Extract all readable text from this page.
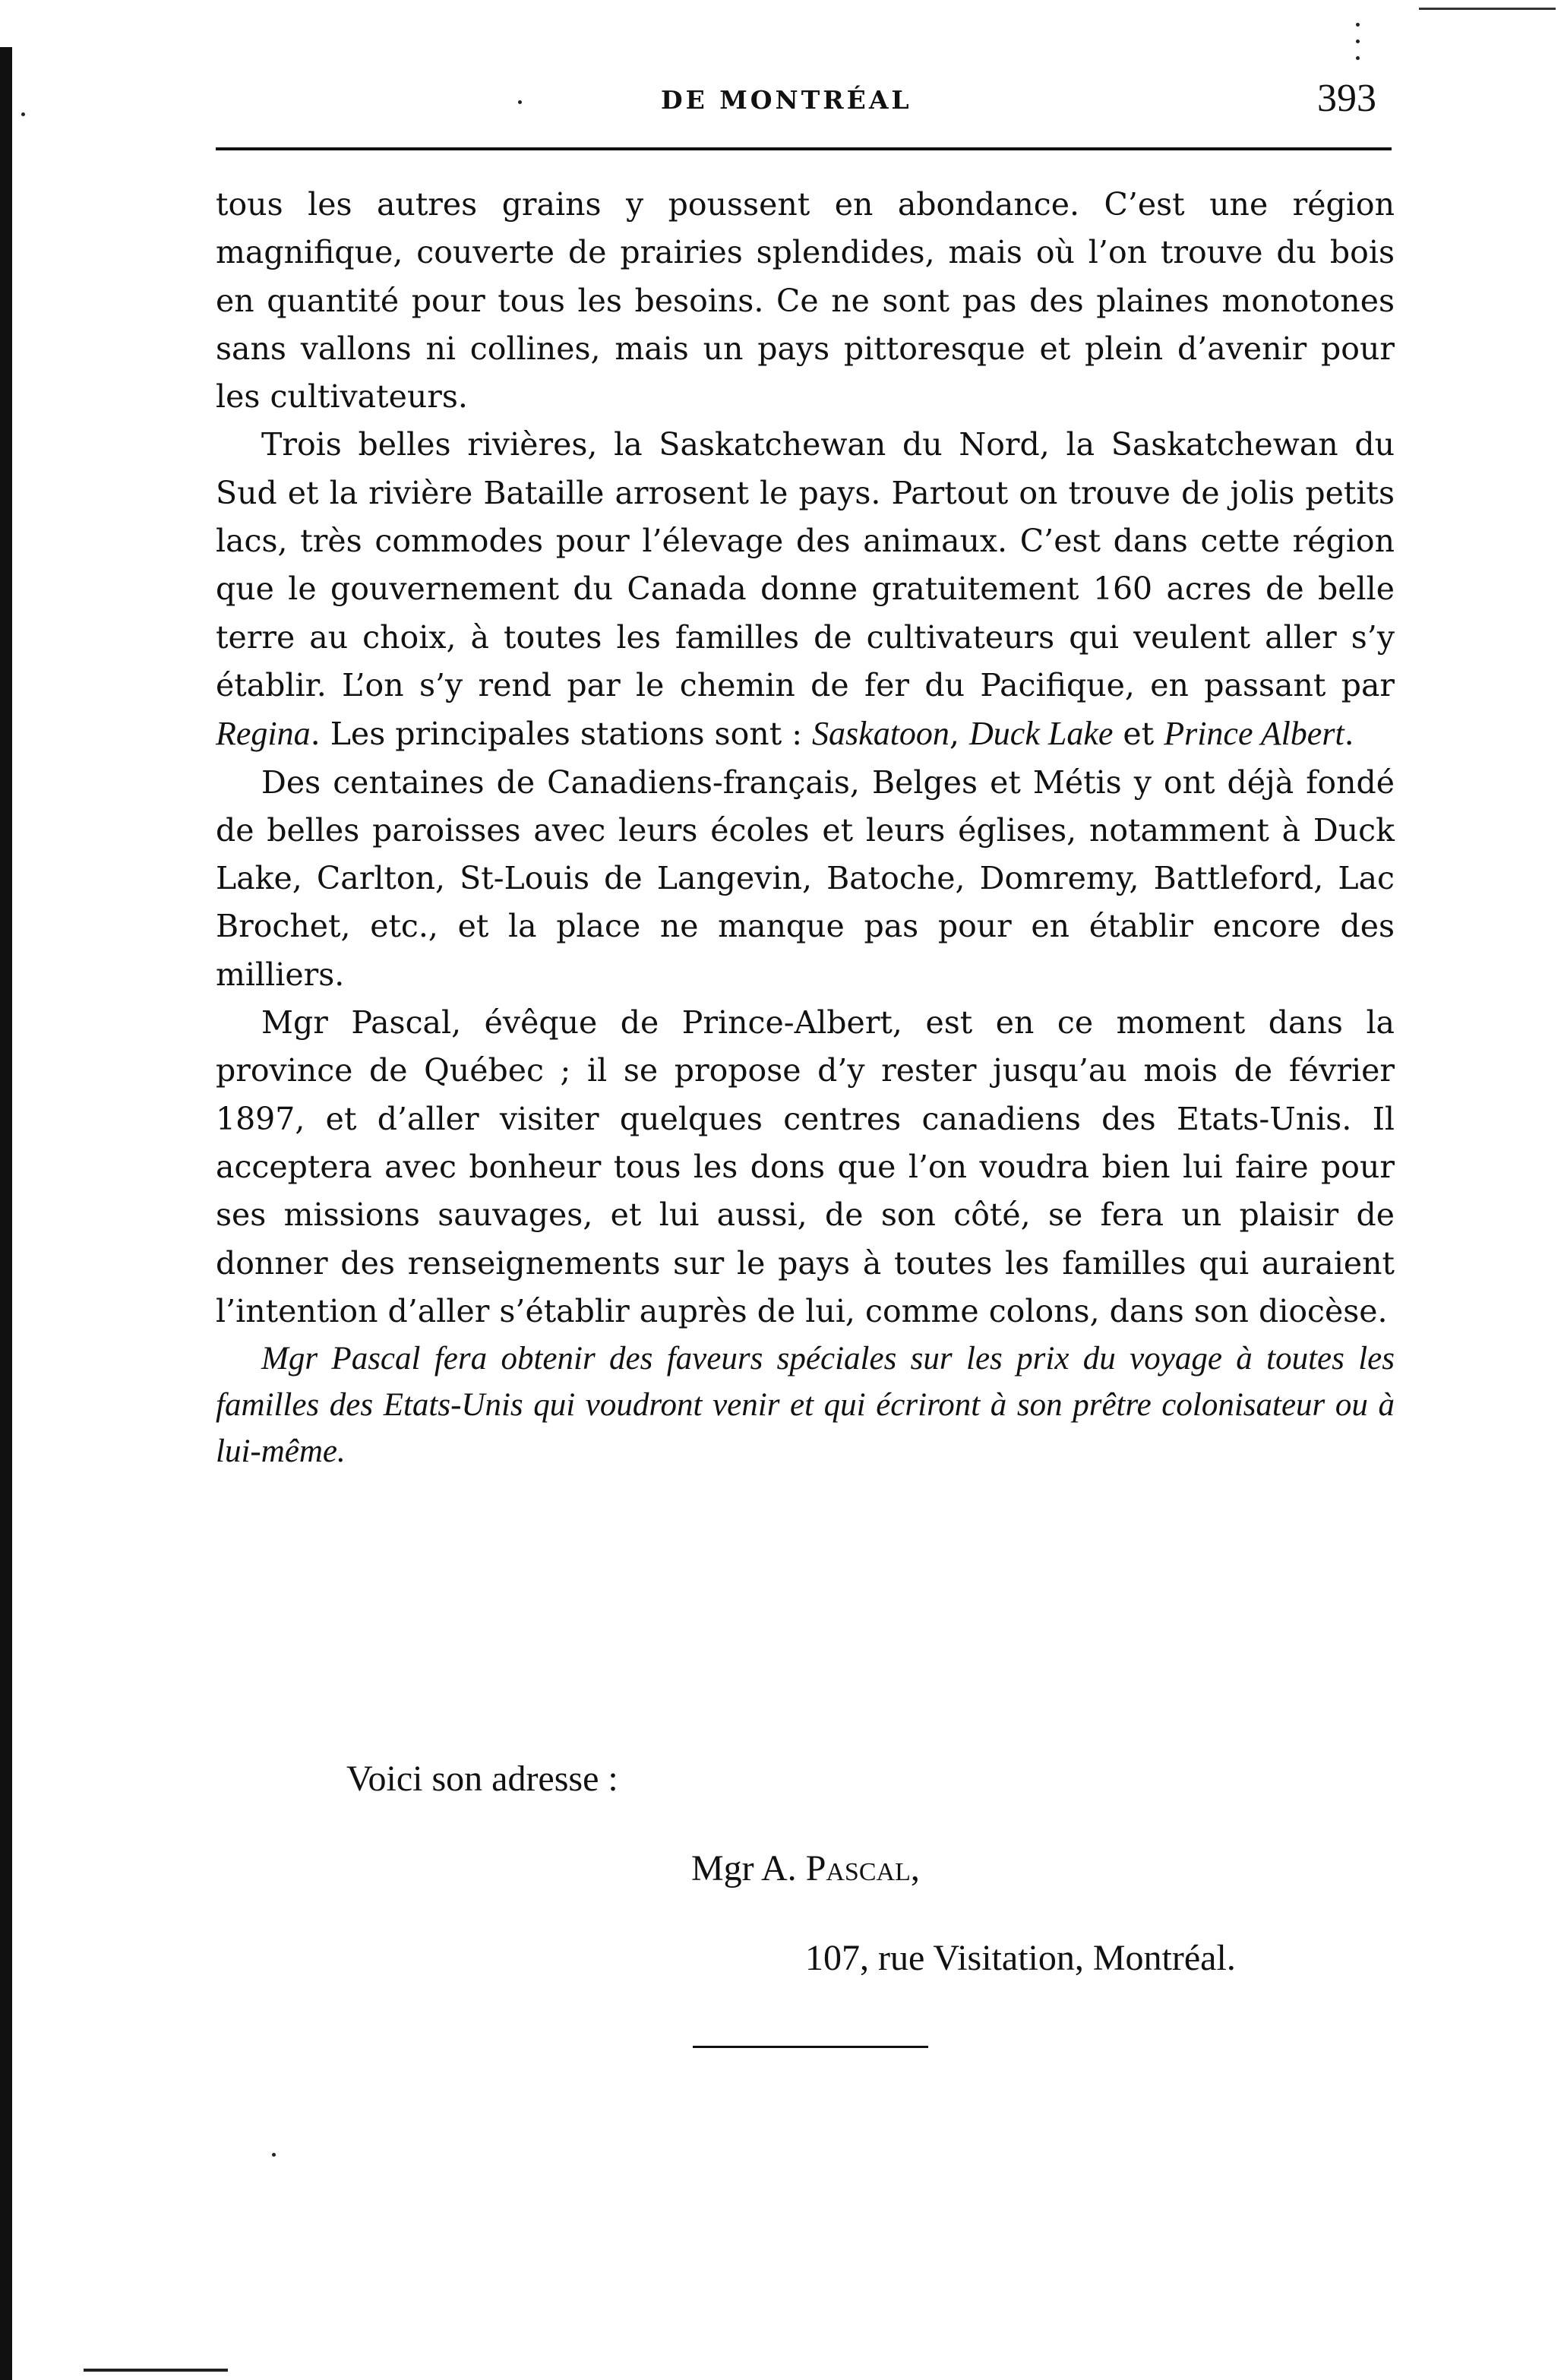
DE MONTRÉAL	393

tous les autres grains y poussent en abondance. C’est une région magnifique, couverte de prairies splendides, mais où l’on trouve du bois en quantité pour tous les besoins. Ce ne sont pas des plaines monotones sans vallons ni collines, mais un pays pittoresque et plein d’avenir pour les cultivateurs.

Trois belles rivières, la Saskatchewan du Nord, la Saskatchewan du Sud et la rivière Bataille arrosent le pays. Partout on trouve de jolis petits lacs, très commodes pour l’élevage des animaux. C’est dans cette région que le gouvernement du Canada donne gratuitement 160 acres de belle terre au choix, à toutes les familles de cultivateurs qui veulent aller s’y établir. L’on s’y rend par le chemin de fer du Pacifique, en passant par Regina. Les principales stations sont : Saskatoon, Duck Lake et Prince Albert.

Des centaines de Canadiens-français, Belges et Métis y ont déjà fondé de belles paroisses avec leurs écoles et leurs églises, notamment à Duck Lake, Carlton, St-Louis de Langevin, Batoche, Domremy, Battleford, Lac Brochet, etc., et la place ne manque pas pour en établir encore des milliers.

Mgr Pascal, évêque de Prince-Albert, est en ce moment dans la province de Québec ; il se propose d’y rester jusqu’au mois de février 1897, et d’aller visiter quelques centres canadiens des Etats-Unis. Il acceptera avec bonheur tous les dons que l’on voudra bien lui faire pour ses missions sauvages, et lui aussi, de son côté, se fera un plaisir de donner des renseignements sur le pays à toutes les familles qui auraient l’intention d’aller s’établir auprès de lui, comme colons, dans son diocèse.

Mgr Pascal fera obtenir des faveurs spéciales sur les prix du voyage à toutes les familles des Etats-Unis qui voudront venir et qui écriront à son prêtre colonisateur ou à lui-même.

Voici son adresse :
Mgr A. Pascal,
107, rue Visitation, Montréal.
